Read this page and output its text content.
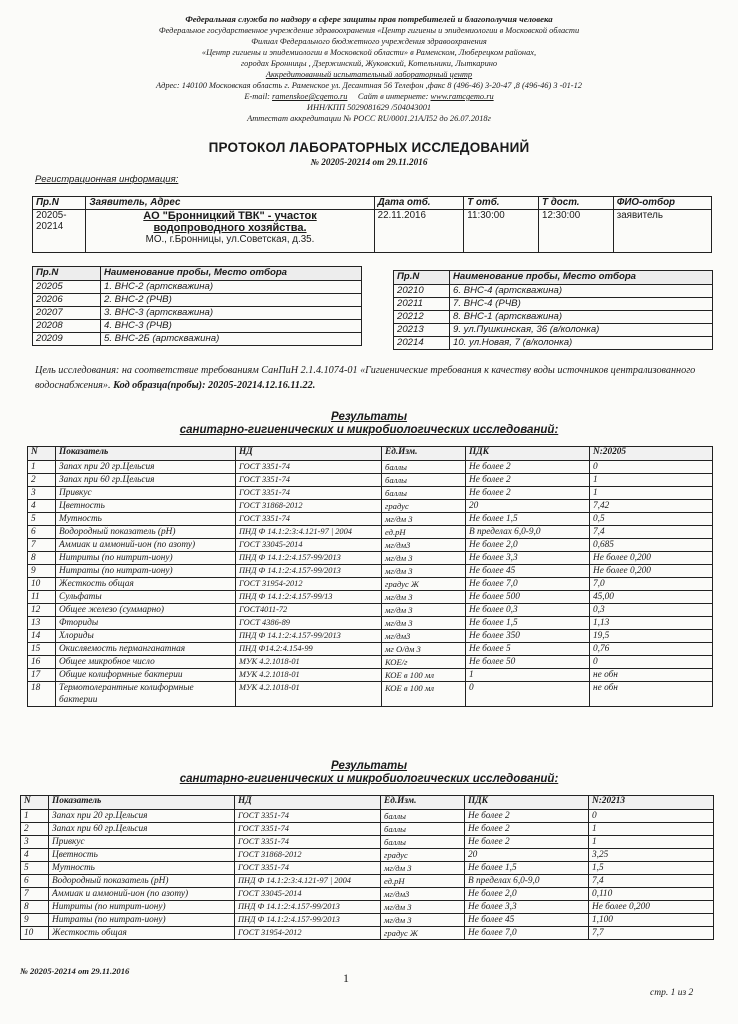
Федеральная служба по надзору в сфере защиты прав потребителей и благополучия человека
Федеральное государственное учреждение здравоохранения «Центр гигиены и эпидемиологии в Московской области
Филиал Федерального бюджетного учреждения здравоохранения
«Центр гигиены и эпидемиологии в Московской области» в Раменском, Люберецком районах,
городах Бронницы , Дзержинский, Жуковский, Котельники, Лыткарино
Аккредитованный испытательный лабораторный центр
Адрес: 140100 Московская область г. Раменское ул. Десантная 56 Телефон ,факс 8 (496-46) 3-20-47 ,8 (496-46) 3 -01-12
E-mail: ramenskoe@cgemo.ru Сайт в интернете: www.ramcgemo.ru
ИНН/КПП 5029081629 /504043001
Аттестат аккредитации № РОСС RU/0001.21АЛ52 до 26.07.2018г
ПРОТОКОЛ ЛАБОРАТОРНЫХ ИССЛЕДОВАНИЙ
№ 20205-20214 от 29.11.2016
Регистрационная информация:
Пр.N	Заявитель, Адрес	Дата отб.	Т отб.	Т дост.	ФИО-отбор
20205-20214	АО "Бронницкий ТВК" - участок
водопроводного хозяйства.
МО., г.Бронницы, ул.Советская, д.35.	22.11.2016	11:30:00	12:30:00	заявитель
Пр.N	Наименование пробы, Место отбора
20205	1. ВНС-2 (артскважина)
20206	2. ВНС-2 (РЧВ)
20207	3. ВНС-3 (артскважина)
20208	4. ВНС-3 (РЧВ)
20209	5. ВНС-2Б (артскважина)
Пр.N	Наименование пробы, Место отбора
20210	6. ВНС-4 (артскважина)
20211	7. ВНС-4 (РЧВ)
20212	8. ВНС-1 (артскважина)
20213	9. ул.Пушкинская, 36 (в/колонка)
20214	10. ул.Новая, 7 (в/колонка)
Цель исследования: на соответствие требованиям СанПиН 2.1.4.1074-01 «Гигиенические требования к качеству воды источников централизованного водоснабжения». Код образца(пробы): 20205-20214.12.16.11.22.
Результаты
санитарно-гигиенических и микробиологических исследований:
N	Показатель	НД	Ед.Изм.	ПДК	N:20205
1	Запах при 20 гр.Цельсия	ГОСТ 3351-74	баллы	Не более 2	0
2	Запах при 60 гр.Цельсия	ГОСТ 3351-74	баллы	Не более 2	1
3	Привкус	ГОСТ 3351-74	баллы	Не более 2	1
4	Цветность	ГОСТ 31868-2012	градус	20	7,42
5	Мутность	ГОСТ 3351-74	мг/дм 3	Не более 1,5	0,5
6	Водородный показатель (рН)	ПНД Ф 14.1:2:3:4.121-97 | 2004	ед.рН	В пределах 6,0-9,0	7,4
7	Аммиак и аммоний-ион (по азоту)	ГОСТ 33045-2014	мг/дм3	Не более 2,0	0,685
8	Нитриты (по нитрит-иону)	ПНД Ф 14.1:2:4.157-99/2013	мг/дм 3	Не более 3,3	Не более 0,200
9	Нитраты (по нитрат-иону)	ПНД Ф 14.1:2:4.157-99/2013	мг/дм 3	Не более 45	Не более 0,200
10	Жесткость общая	ГОСТ 31954-2012	градус Ж	Не более 7,0	7,0
11	Сульфаты	ПНД Ф 14.1:2:4.157-99/13	мг/дм 3	Не более 500	45,00
12	Общее железо (суммарно)	ГОСТ4011-72	мг/дм 3	Не более 0,3	0,3
13	Фториды	ГОСТ 4386-89	мг/дм 3	Не более 1,5	1,13
14	Хлориды	ПНД Ф 14.1:2:4.157-99/2013	мг/дм3	Не более 350	19,5
15	Окисляемость перманганатная	ПНД Ф14.2:4.154-99	мг О/дм 3	Не более 5	0,76
16	Общее микробное число	МУК 4.2.1018-01	КОЕ/г	Не более 50	0
17	Общие колиформные бактерии	МУК 4.2.1018-01	КОЕ в 100 мл	1	не обн
18	Термотолерантные колиформные бактерии	МУК 4.2.1018-01	КОЕ в 100 мл	0	не обн
Результаты
санитарно-гигиенических и микробиологических исследований:
N	Показатель	НД	Ед.Изм.	ПДК	N:20213
1	Запах при 20 гр.Цельсия	ГОСТ 3351-74	баллы	Не более 2	0
2	Запах при 60 гр.Цельсия	ГОСТ 3351-74	баллы	Не более 2	1
3	Привкус	ГОСТ 3351-74	баллы	Не более 2	1
4	Цветность	ГОСТ 31868-2012	градус	20	3,25
5	Мутность	ГОСТ 3351-74	мг/дм 3	Не более 1,5	1,5
6	Водородный показатель (рН)	ПНД Ф 14.1:2:3:4.121-97 | 2004	ед.рН	В пределах 6,0-9,0	7,4
7	Аммиак и аммоний-ион (по азоту)	ГОСТ 33045-2014	мг/дм3	Не более 2,0	0,110
8	Нитриты (по нитрит-иону)	ПНД Ф 14.1:2:4.157-99/2013	мг/дм 3	Не более 3,3	Не более 0,200
9	Нитраты (по нитрат-иону)	ПНД Ф 14.1:2:4.157-99/2013	мг/дм 3	Не более 45	1,100
10	Жесткость общая	ГОСТ 31954-2012	градус Ж	Не более 7,0	7,7
№ 20205-20214 от 29.11.2016	1
стр. 1 из 2
